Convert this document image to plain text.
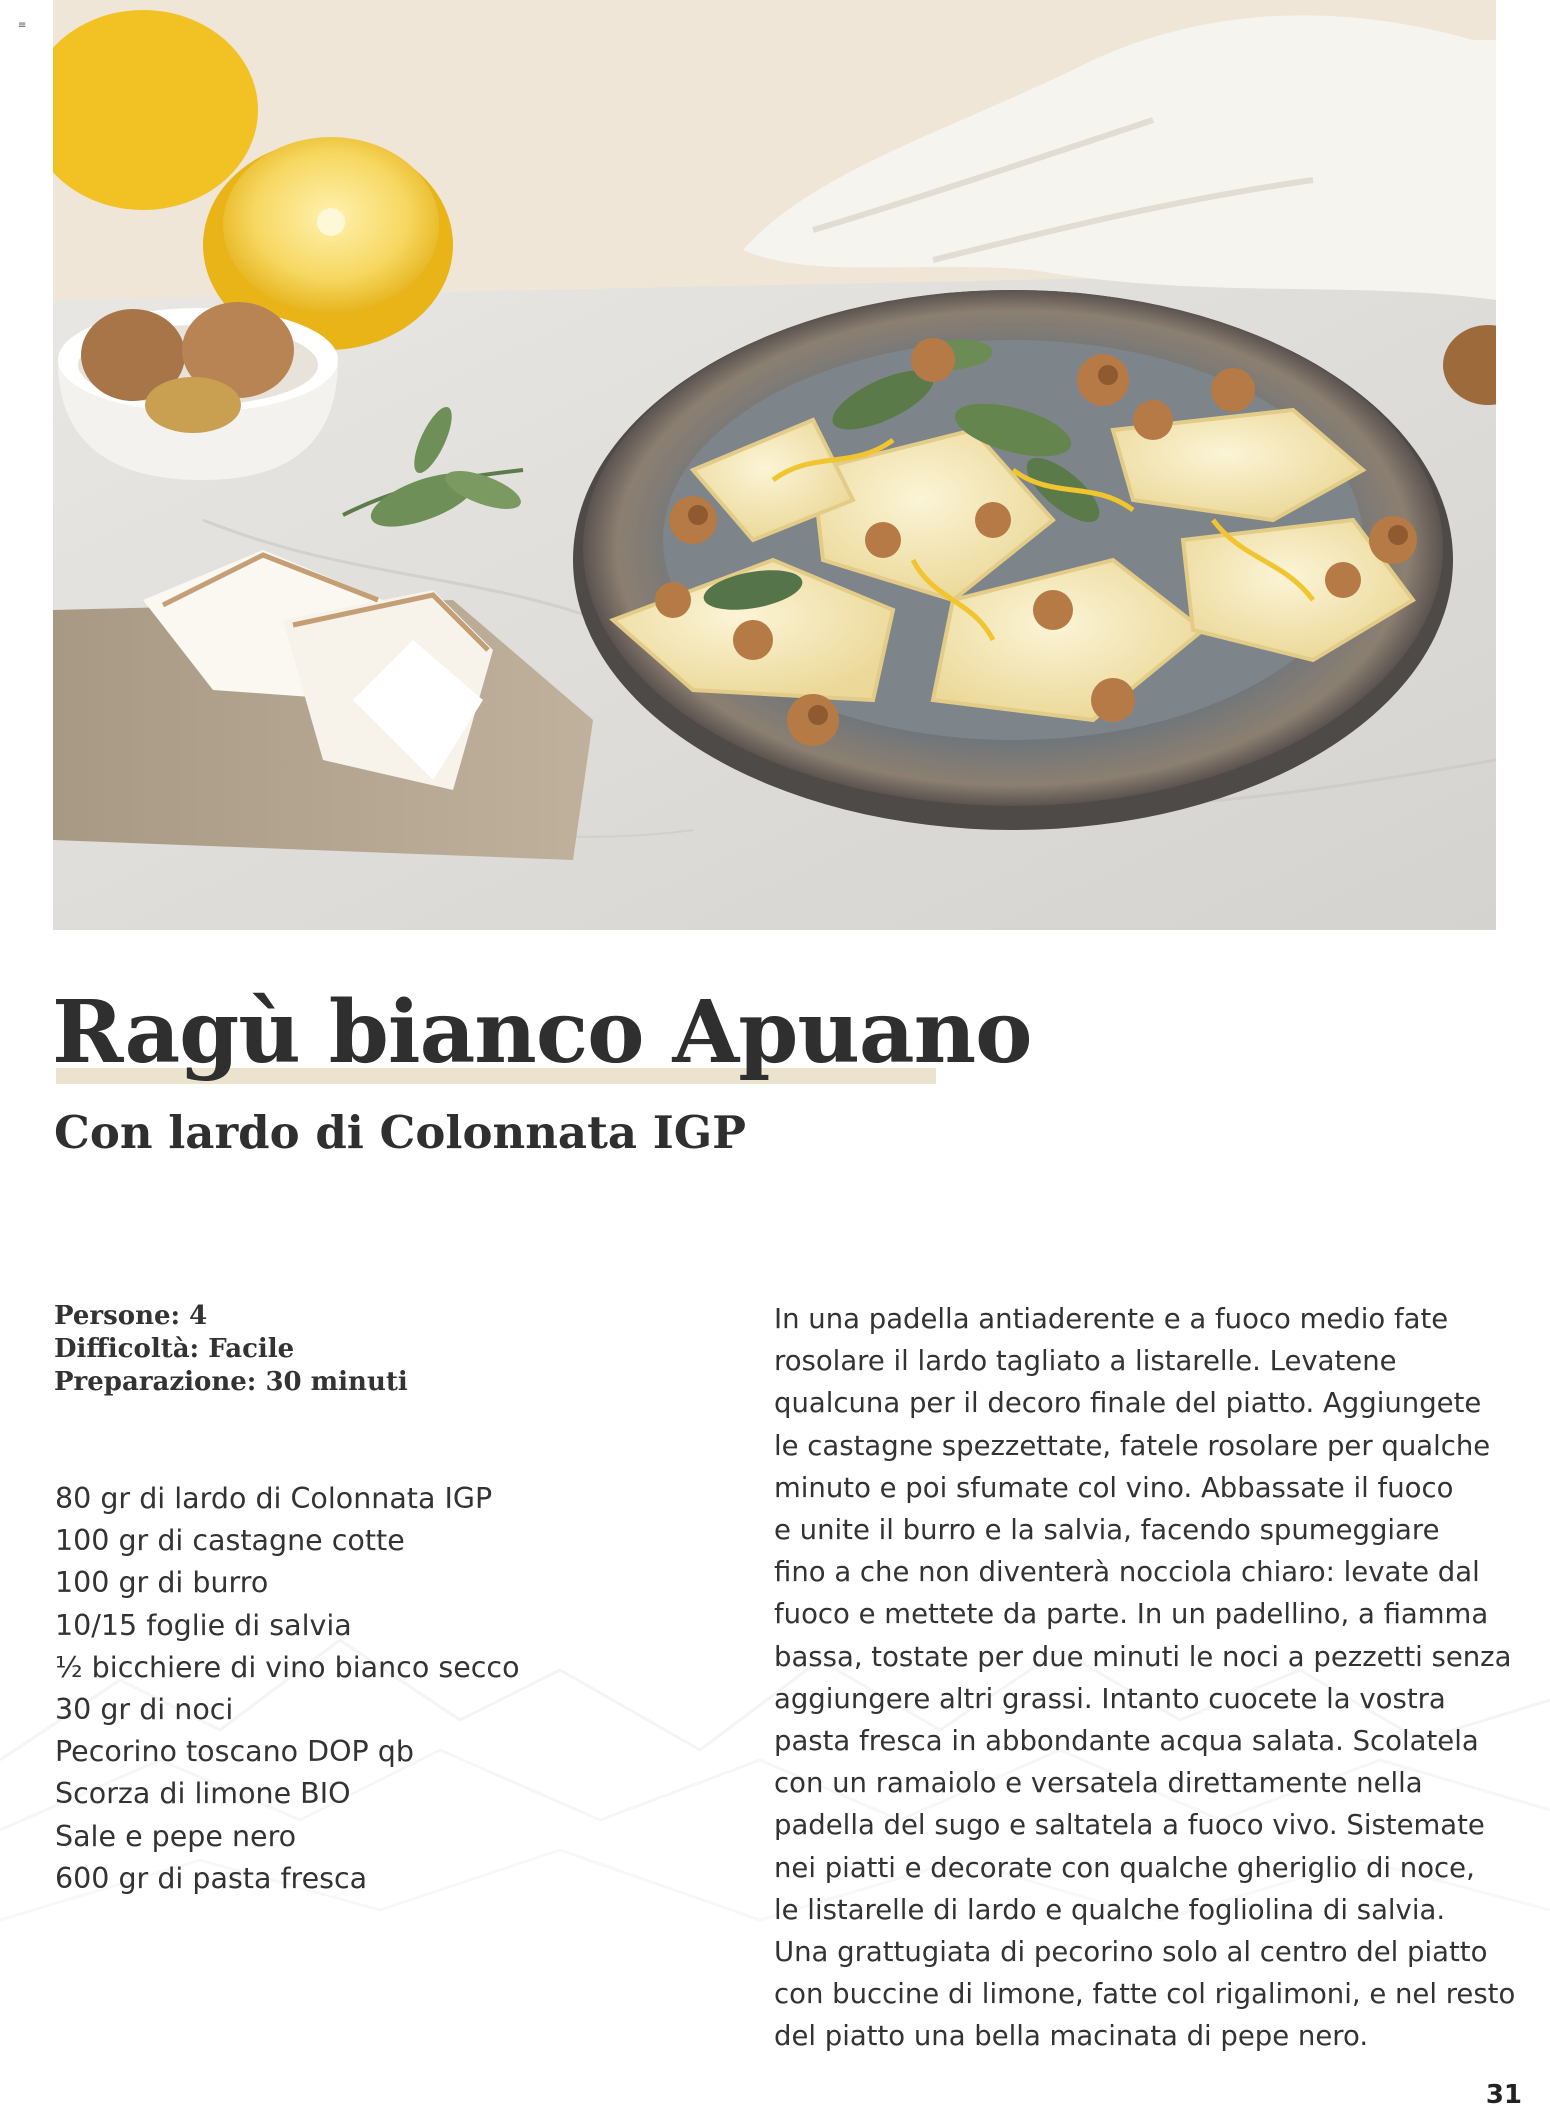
≡
Ragù bianco Apuano
Con lardo di Colonnata IGP
Persone: 4
Difficoltà: Facile
Preparazione: 30 minuti
80 gr di lardo di Colonnata IGP
100 gr di castagne cotte
100 gr di burro
10/15 foglie di salvia
½ bicchiere di vino bianco secco
30 gr di noci
Pecorino toscano DOP qb
Scorza di limone BIO
Sale e pepe nero
600 gr di pasta fresca
In una padella antiaderente e a fuoco medio fate
rosolare il lardo tagliato a listarelle. Levatene
qualcuna per il decoro finale del piatto. Aggiungete
le castagne spezzettate, fatele rosolare per qualche
minuto e poi sfumate col vino. Abbassate il fuoco
e unite il burro e la salvia, facendo spumeggiare
fino a che non diventerà nocciola chiaro: levate dal
fuoco e mettete da parte. In un padellino, a fiamma
bassa, tostate per due minuti le noci a pezzetti senza
aggiungere altri grassi. Intanto cuocete la vostra
pasta fresca in abbondante acqua salata. Scolatela
con un ramaiolo e versatela direttamente nella
padella del sugo e saltatela a fuoco vivo. Sistemate
nei piatti e decorate con qualche gheriglio di noce,
le listarelle di lardo e qualche fogliolina di salvia.
Una grattugiata di pecorino solo al centro del piatto
con buccine di limone, fatte col rigalimoni, e nel resto
del piatto una bella macinata di pepe nero.
31
